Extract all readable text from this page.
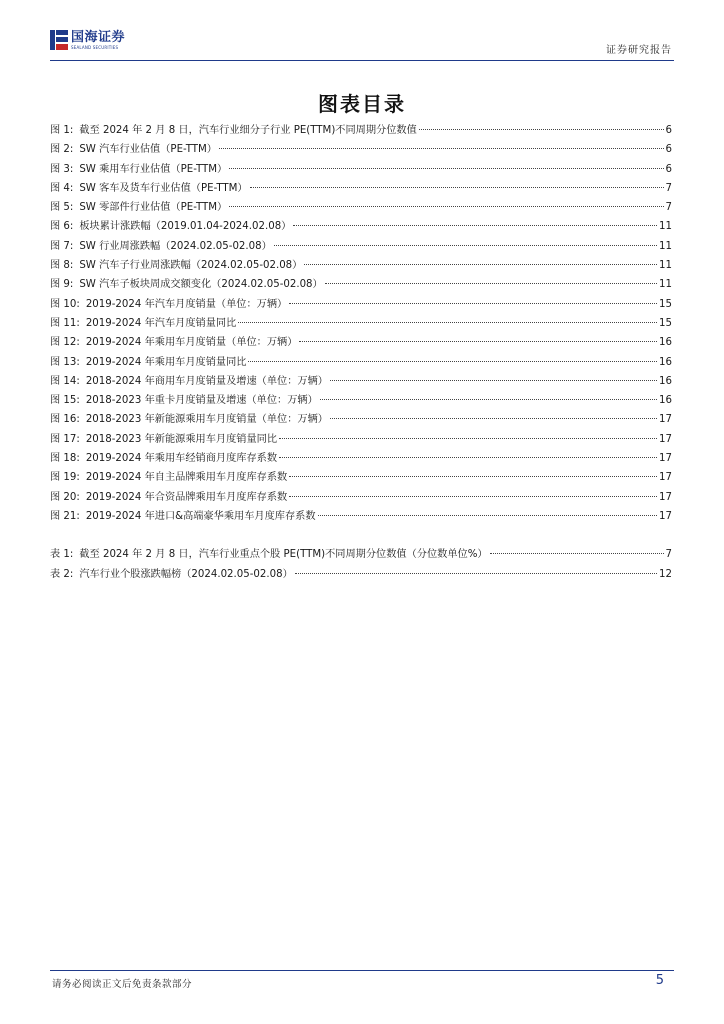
国海证券
SEALAND SECURITIES	证券研究报告
图表目录
图 1: 截至 2024 年 2 月 8 日，汽车行业细分子行业 PE(TTM)不同周期分位数值	6
图 2: SW 汽车行业估值（PE-TTM）	6
图 3: SW 乘用车行业估值（PE-TTM）	6
图 4: SW 客车及货车行业估值（PE-TTM）	7
图 5: SW 零部件行业估值（PE-TTM）	7
图 6: 板块累计涨跌幅（2019.01.04-2024.02.08）	11
图 7: SW 行业周涨跌幅（2024.02.05-02.08）	11
图 8: SW 汽车子行业周涨跌幅（2024.02.05-02.08）	11
图 9: SW 汽车子板块周成交额变化（2024.02.05-02.08）	11
图 10: 2019-2024 年汽车月度销量（单位：万辆）	15
图 11: 2019-2024 年汽车月度销量同比	15
图 12: 2019-2024 年乘用车月度销量（单位：万辆）	16
图 13: 2019-2024 年乘用车月度销量同比	16
图 14: 2018-2024 年商用车月度销量及增速（单位：万辆）	16
图 15: 2018-2023 年重卡月度销量及增速（单位：万辆）	16
图 16: 2018-2023 年新能源乘用车月度销量（单位：万辆）	17
图 17: 2018-2023 年新能源乘用车月度销量同比	17
图 18: 2019-2024 年乘用车经销商月度库存系数	17
图 19: 2019-2024 年自主品牌乘用车月度库存系数	17
图 20: 2019-2024 年合资品牌乘用车月度库存系数	17
图 21: 2019-2024 年进口&高端豪华乘用车月度库存系数	17
表 1: 截至 2024 年 2 月 8 日，汽车行业重点个股 PE(TTM)不同周期分位数值（分位数单位%）	7
表 2: 汽车行业个股涨跌幅榜（2024.02.05-02.08）	12
请务必阅读正文后免责条款部分	5
